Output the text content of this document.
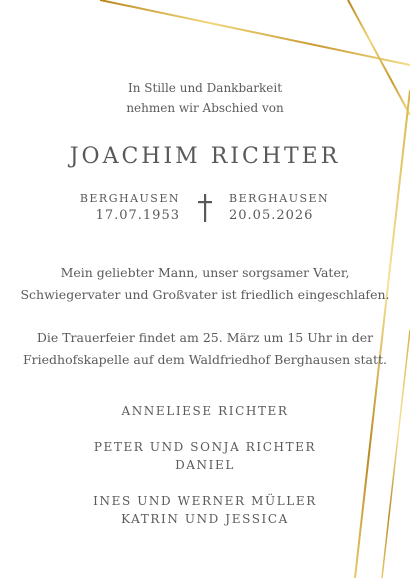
In Stille und Dankbarkeit
nehmen wir Abschied von
JOACHIM RICHTER
BERGHAUSEN
17.07.1953
BERGHAUSEN
20.05.2026
Mein geliebter Mann, unser sorgsamer Vater,
Schwiegervater und Großvater ist friedlich eingeschlafen.
Die Trauerfeier findet am 25. März um 15 Uhr in der
Friedhofskapelle auf dem Waldfriedhof Berghausen statt.
ANNELIESE RICHTER
PETER UND SONJA RICHTER
DANIEL
INES UND WERNER MÜLLER
KATRIN UND JESSICA
